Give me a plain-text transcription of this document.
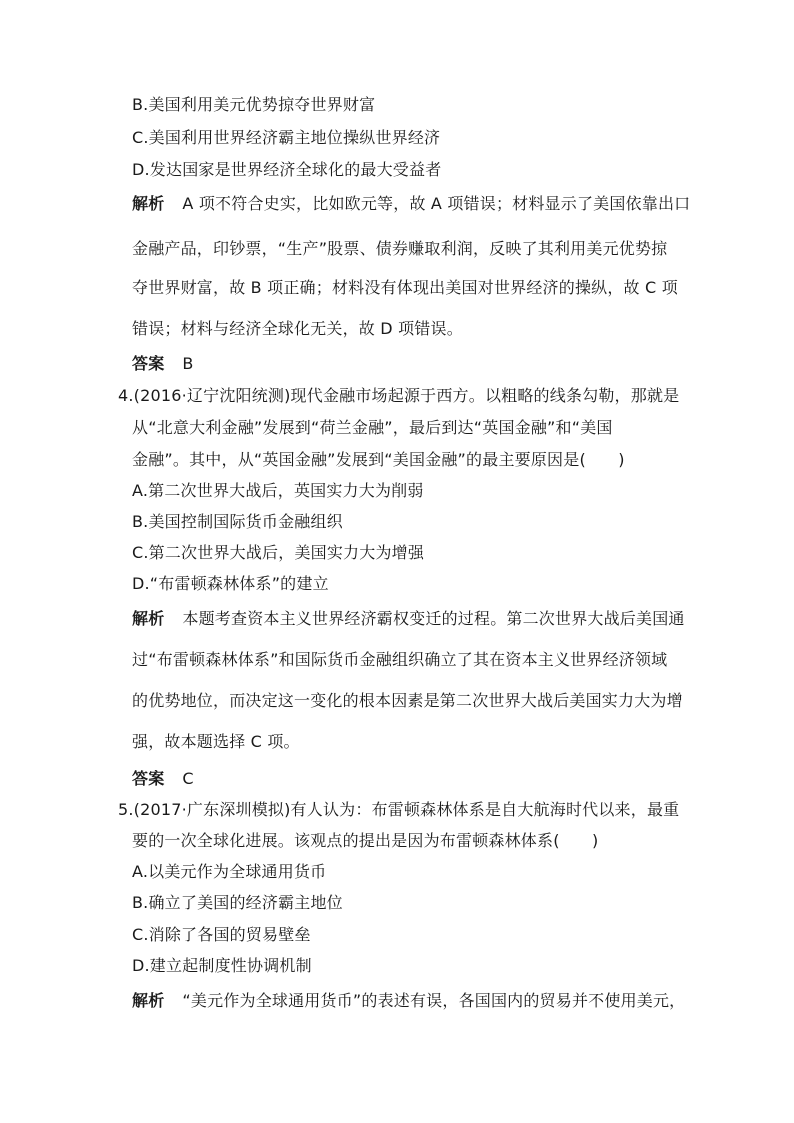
B.美国利用美元优势掠夺世界财富
C.美国利用世界经济霸主地位操纵世界经济
D.发达国家是世界经济全球化的最大受益者
解析 A 项不符合史实，比如欧元等，故 A 项错误；材料显示了美国依靠出口
金融产品，印钞票，“生产”股票、债券赚取利润，反映了其利用美元优势掠
夺世界财富，故 B 项正确；材料没有体现出美国对世界经济的操纵，故 C 项
错误；材料与经济全球化无关，故 D 项错误。
答案 B
4.(2016·辽宁沈阳统测)现代金融市场起源于西方。以粗略的线条勾勒，那就是
从“北意大利金融”发展到“荷兰金融”，最后到达“英国金融”和“美国
金融”。其中，从“英国金融”发展到“美国金融”的最主要原因是(　　)
A.第二次世界大战后，英国实力大为削弱
B.美国控制国际货币金融组织
C.第二次世界大战后，美国实力大为增强
D.“布雷顿森林体系”的建立
解析 本题考查资本主义世界经济霸权变迁的过程。第二次世界大战后美国通
过“布雷顿森林体系”和国际货币金融组织确立了其在资本主义世界经济领域
的优势地位，而决定这一变化的根本因素是第二次世界大战后美国实力大为增
强，故本题选择 C 项。
答案 C
5.(2017·广东深圳模拟)有人认为：布雷顿森林体系是自大航海时代以来，最重
要的一次全球化进展。该观点的提出是因为布雷顿森林体系(　　)
A.以美元作为全球通用货币
B.确立了美国的经济霸主地位
C.消除了各国的贸易壁垒
D.建立起制度性协调机制
解析 “美元作为全球通用货币”的表述有误，各国国内的贸易并不使用美元，
